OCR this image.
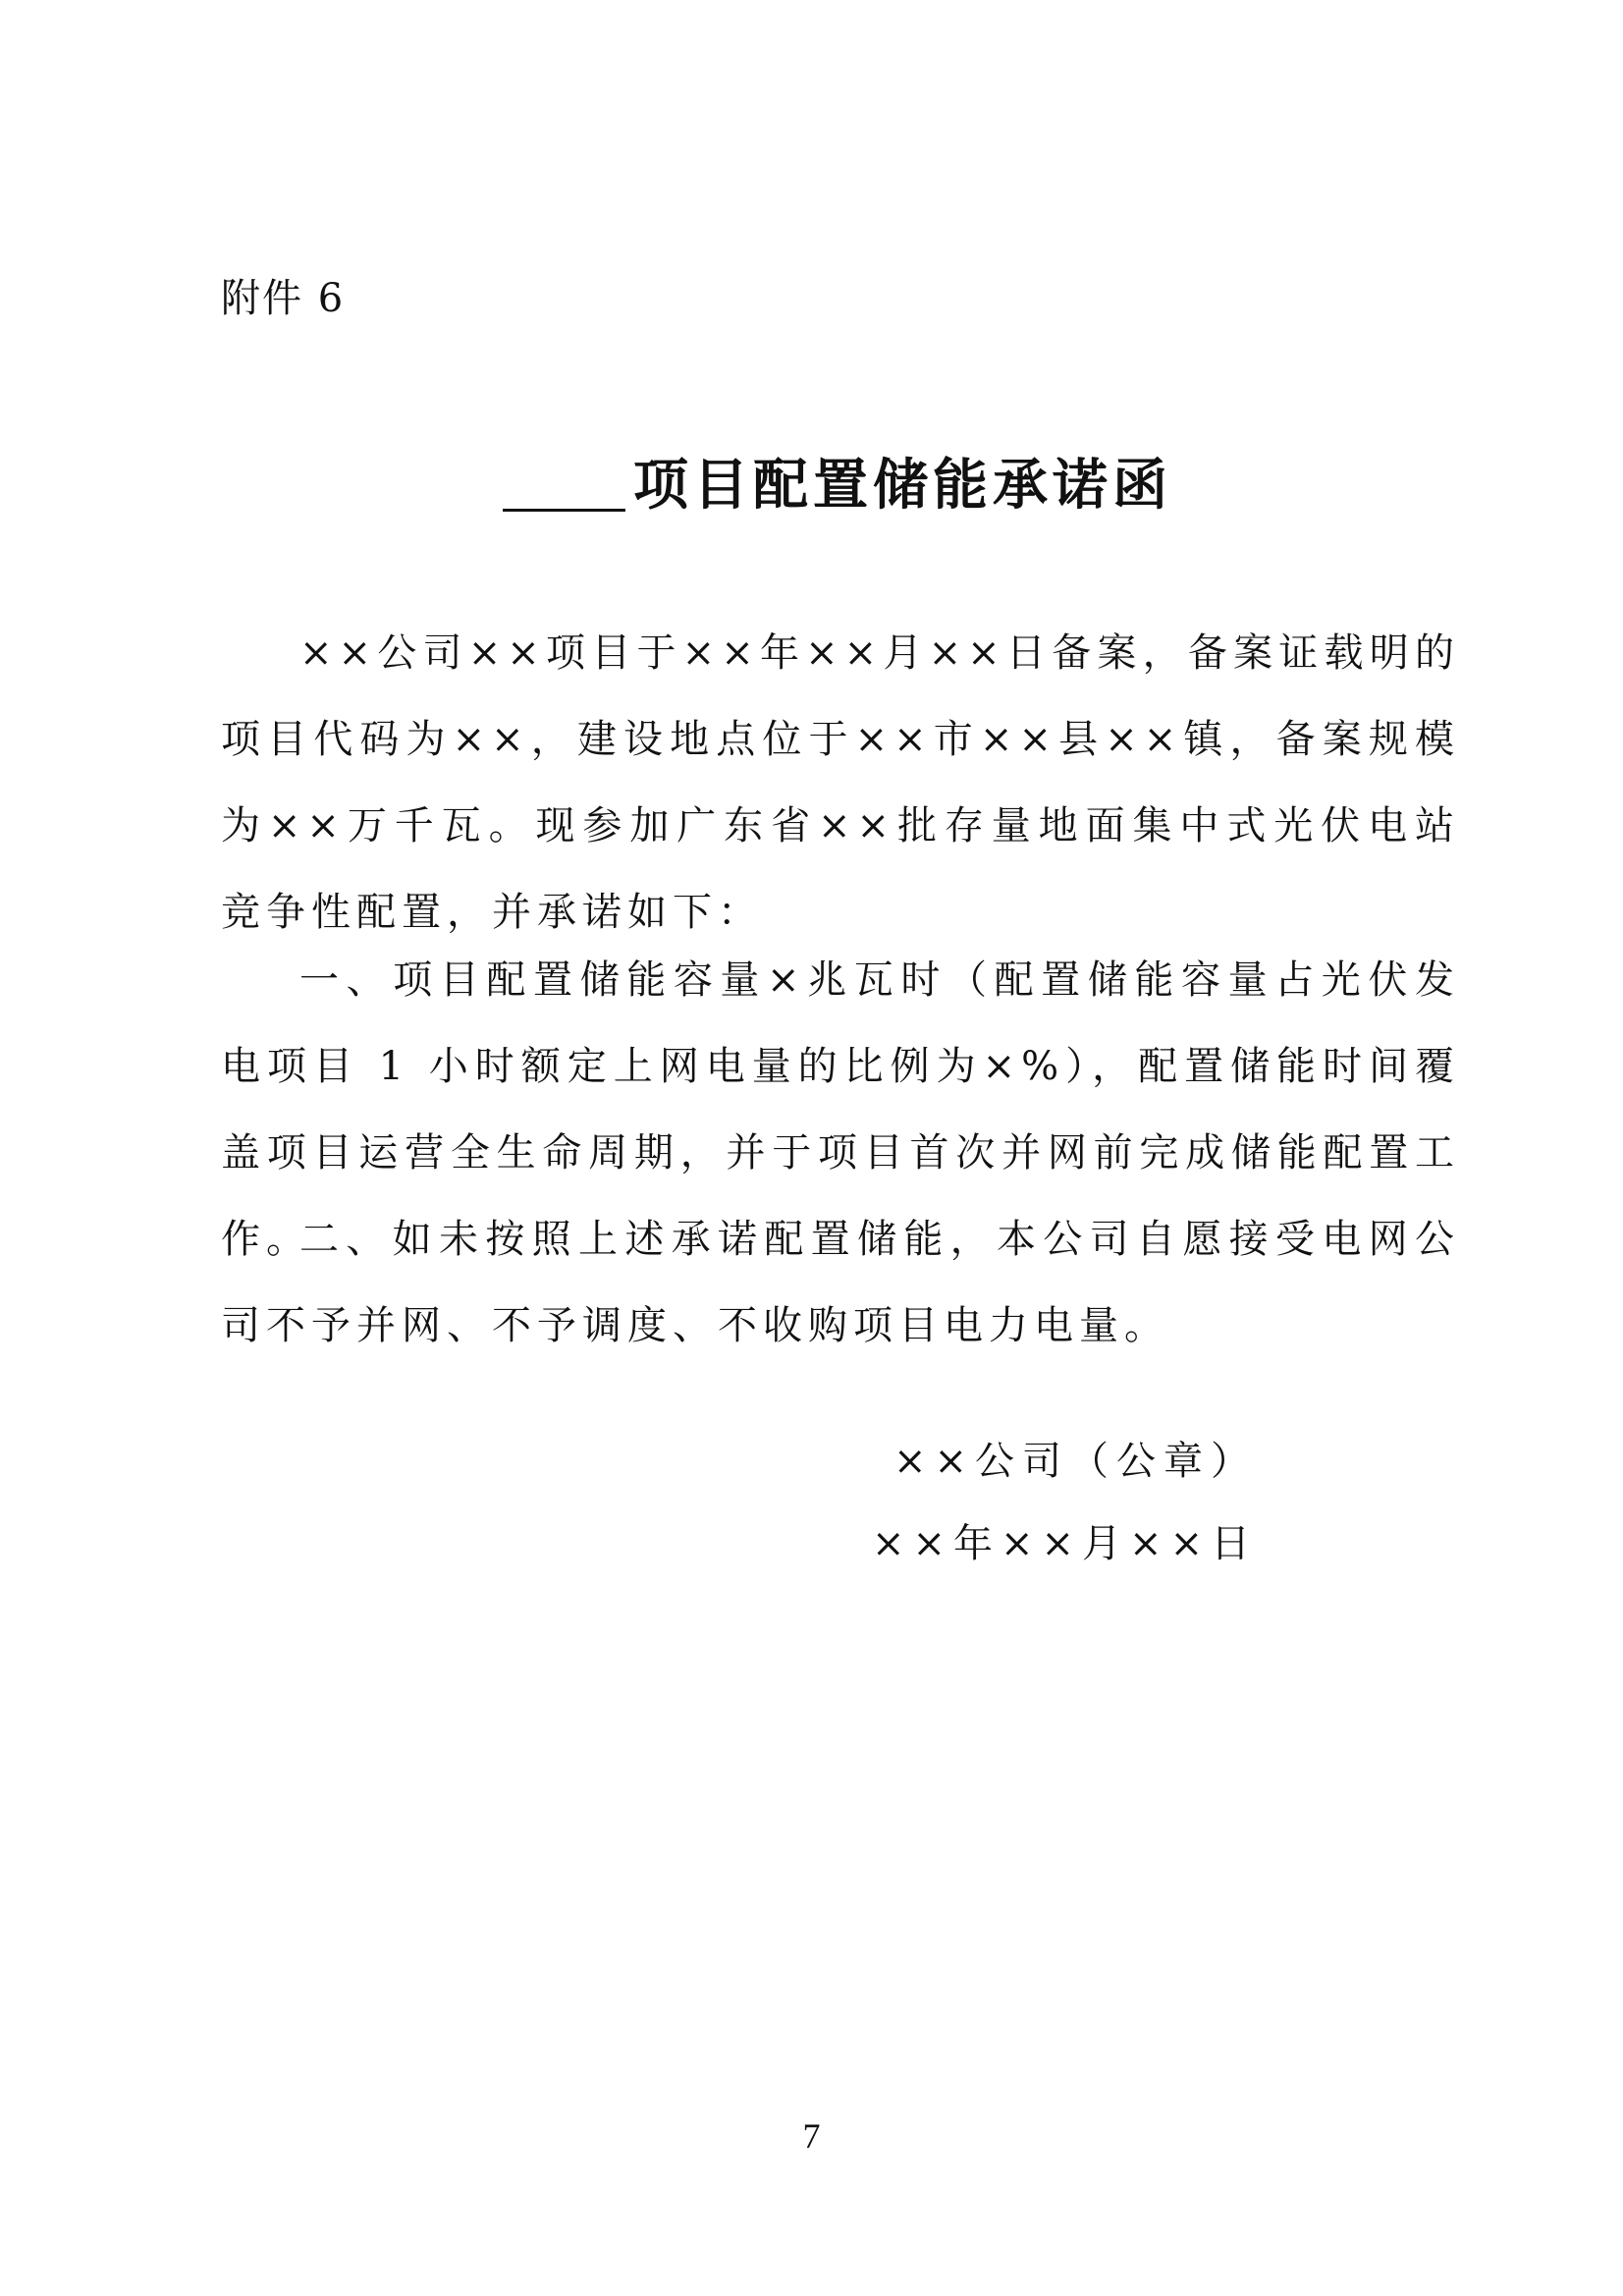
附件 6
项目配置储能承诺函

××公司××项目于××年××月××日备案，备案证载明的项目代码为××，建设地点位于××市××县××镇，备案规模为××万千瓦。现参加广东省××批存量地面集中式光伏电站竞争性配置，并承诺如下：

一、项目配置储能容量×兆瓦时（配置储能容量占光伏发电项目 1 小时额定上网电量的比例为×%），配置储能时间覆盖项目运营全生命周期，并于项目首次并网前完成储能配置工作。

二、如未按照上述承诺配置储能，本公司自愿接受电网公司不予并网、不予调度、不收购项目电力电量。

××公司（公章）
××年××月××日
7
